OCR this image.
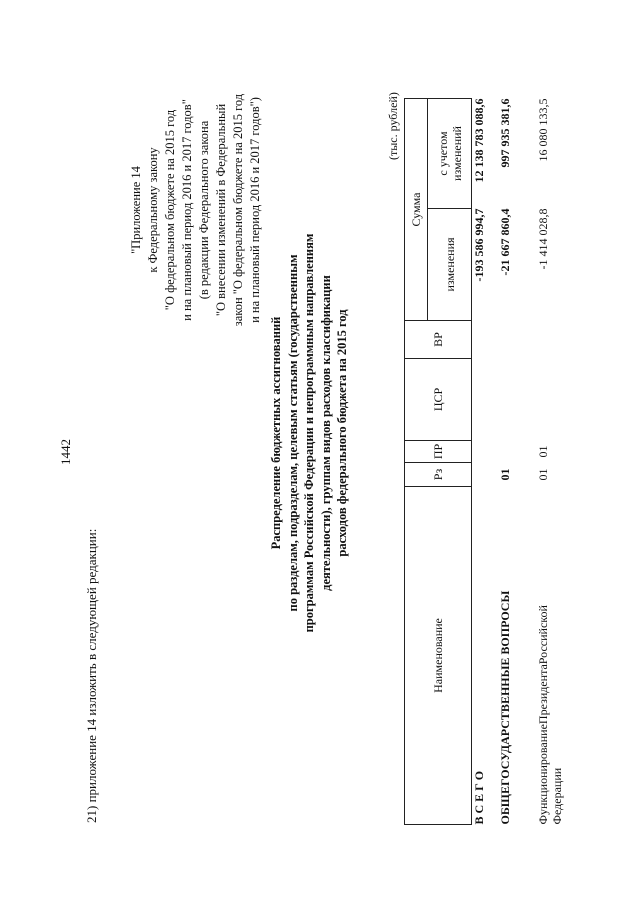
1442
21) приложение 14 изложить в следующей редакции:
"Приложение 14 к Федеральному закону "О федеральном бюджете на 2015 год и на плановый период 2016 и 2017 годов" (в редакции Федерального закона "О внесении изменений в Федеральный закон "О федеральном бюджете на 2015 год и на плановый период 2016 и 2017 годов")
Распределение бюджетных ассигнований по разделам, подразделам, целевым статьям (государственным программам Российской Федерации и непрограммным направлениям деятельности), группам видов расходов классификации расходов федерального бюджета на 2015 год
(тыс. рублей)
Наименование	Рз	ПР	ЦСР	ВР	Сумма	
					изменения	с учетом изменений

В С Е Г О					-193 586 994,7	12 138 783 088,6
ОБЩЕГОСУДАРСТВЕННЫЕ ВОПРОСЫ	01				-21 667 860,4	997 935 381,6

Функционирование
Президента
Российской
Федерации	01	01			-1 414 028,8	16 080 133,5
